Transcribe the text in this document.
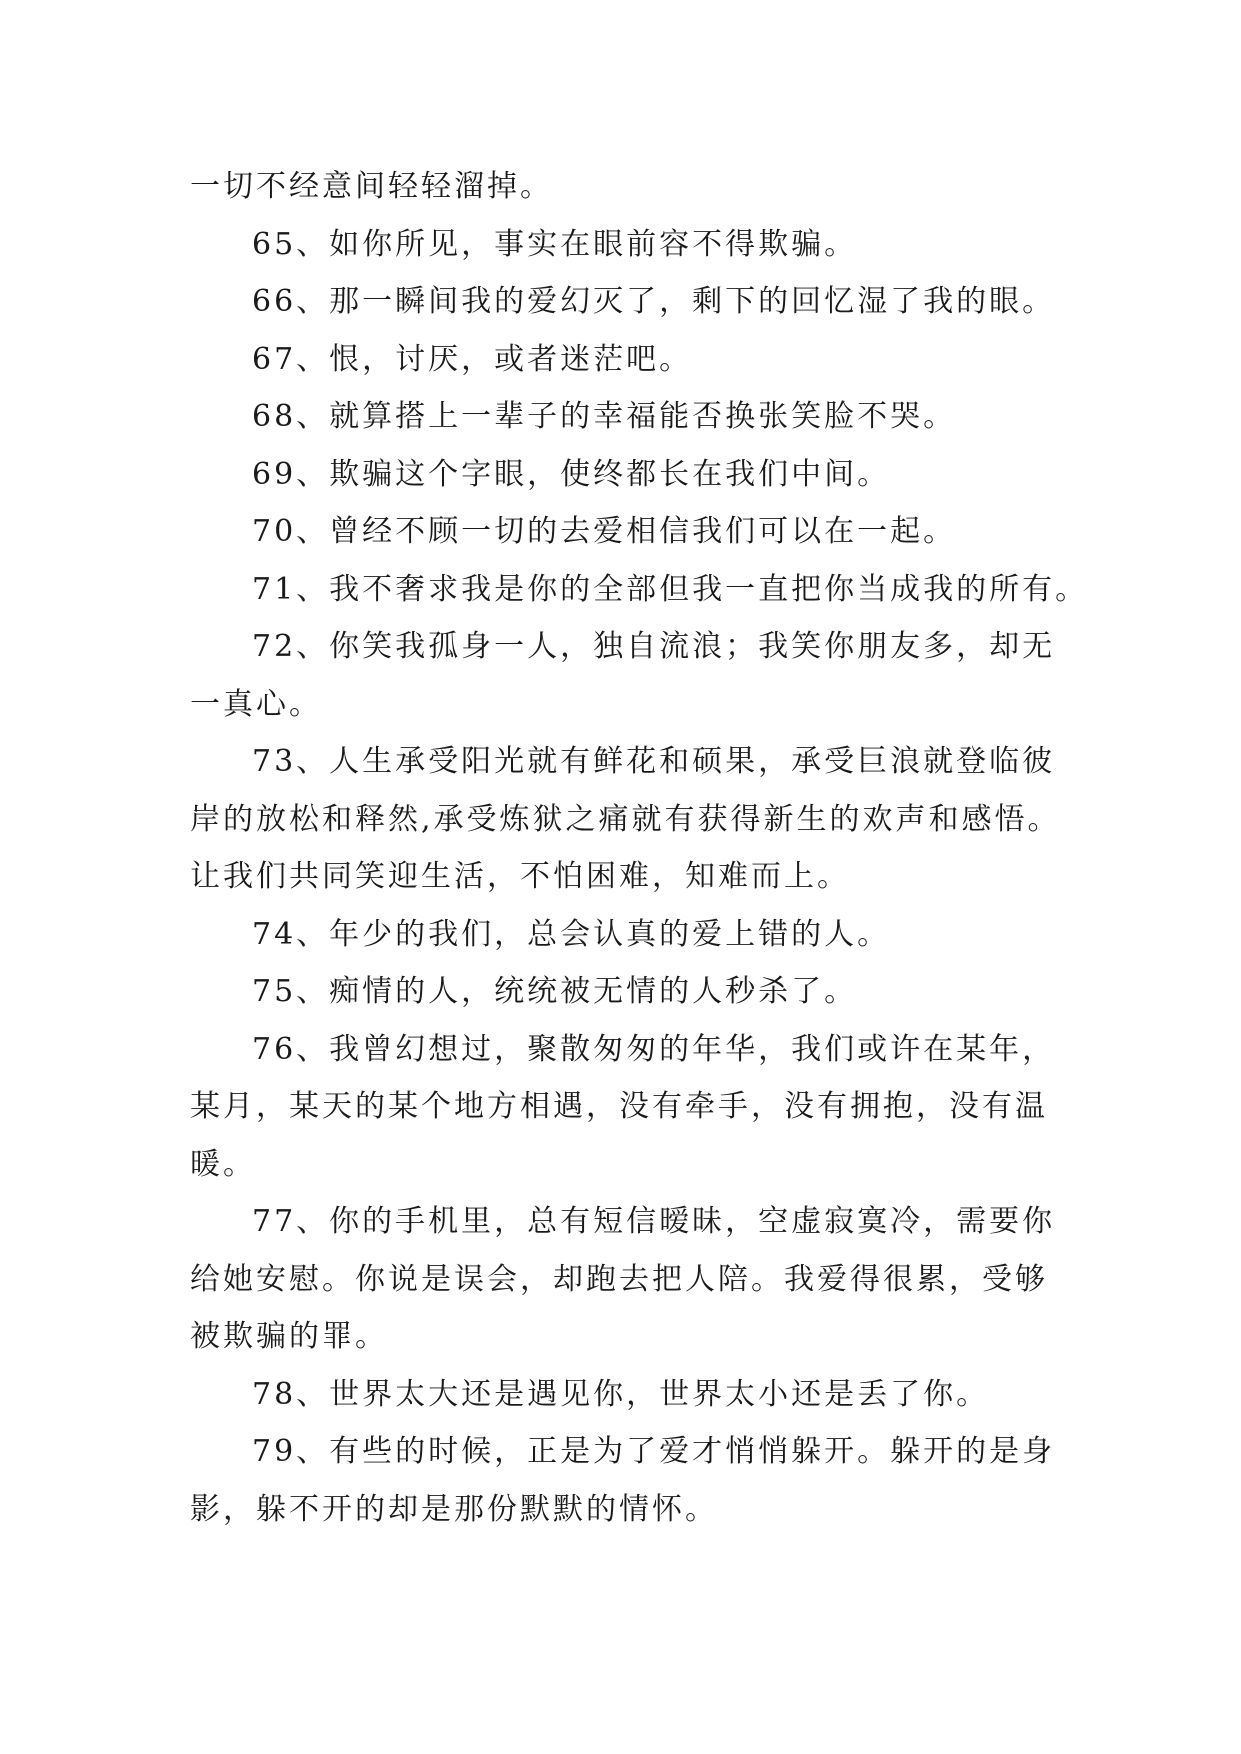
一切不经意间轻轻溜掉。
65、如你所见，事实在眼前容不得欺骗。
66、那一瞬间我的爱幻灭了，剩下的回忆湿了我的眼。
67、恨，讨厌，或者迷茫吧。
68、就算搭上一辈子的幸福能否换张笑脸不哭。
69、欺骗这个字眼，使终都长在我们中间。
70、曾经不顾一切的去爱相信我们可以在一起。
71、我不奢求我是你的全部但我一直把你当成我的所有。
72、你笑我孤身一人，独自流浪；我笑你朋友多，却无
一真心。
73、人生承受阳光就有鲜花和硕果，承受巨浪就登临彼
岸的放松和释然,承受炼狱之痛就有获得新生的欢声和感悟。
让我们共同笑迎生活，不怕困难，知难而上。
74、年少的我们，总会认真的爱上错的人。
75、痴情的人，统统被无情的人秒杀了。
76、我曾幻想过，聚散匆匆的年华，我们或许在某年，
某月，某天的某个地方相遇，没有牵手，没有拥抱，没有温
暖。
77、你的手机里，总有短信暧昧，空虚寂寞冷，需要你
给她安慰。你说是误会，却跑去把人陪。我爱得很累，受够
被欺骗的罪。
78、世界太大还是遇见你，世界太小还是丢了你。
79、有些的时候，正是为了爱才悄悄躲开。躲开的是身
影，躲不开的却是那份默默的情怀。
